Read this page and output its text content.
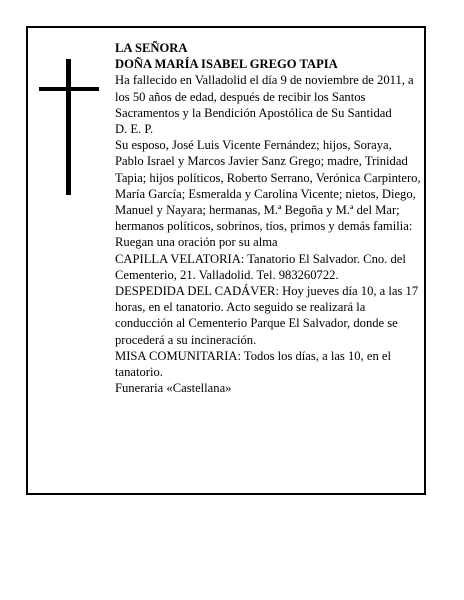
LA SEÑORA

DOÑA MARÍA ISABEL GREGO TAPIA

Ha fallecido en Valladolid el día 9 de noviembre de 2011, a los 50 años de edad, después de recibir los Santos Sacramentos y la Bendición Apostólica de Su Santidad

D. E. P.

Su esposo, José Luis Vicente Fernández; hijos, Soraya, Pablo Israel y Marcos Javier Sanz Grego; madre, Trinidad Tapia; hijos políticos, Roberto Serrano, Verónica Carpintero, María García; Esmeralda y Carolina Vicente; nietos, Diego, Manuel y Nayara; hermanas, M.ª Begoña y M.ª del Mar; hermanos políticos, sobrinos, tíos, primos y demás familia:

Ruegan una oración por su alma

CAPILLA VELATORIA: Tanatorio El Salvador. Cno. del Cementerio, 21. Valladolid. Tel. 983260722.

DESPEDIDA DEL CADÁVER: Hoy jueves día 10, a las 17 horas, en el tanatorio. Acto seguido se realizará la conducción al Cementerio Parque El Salvador, donde se procederá a su incineración.

MISA COMUNITARIA: Todos los días, a las 10, en el tanatorio.

Funeraria «Castellana»
